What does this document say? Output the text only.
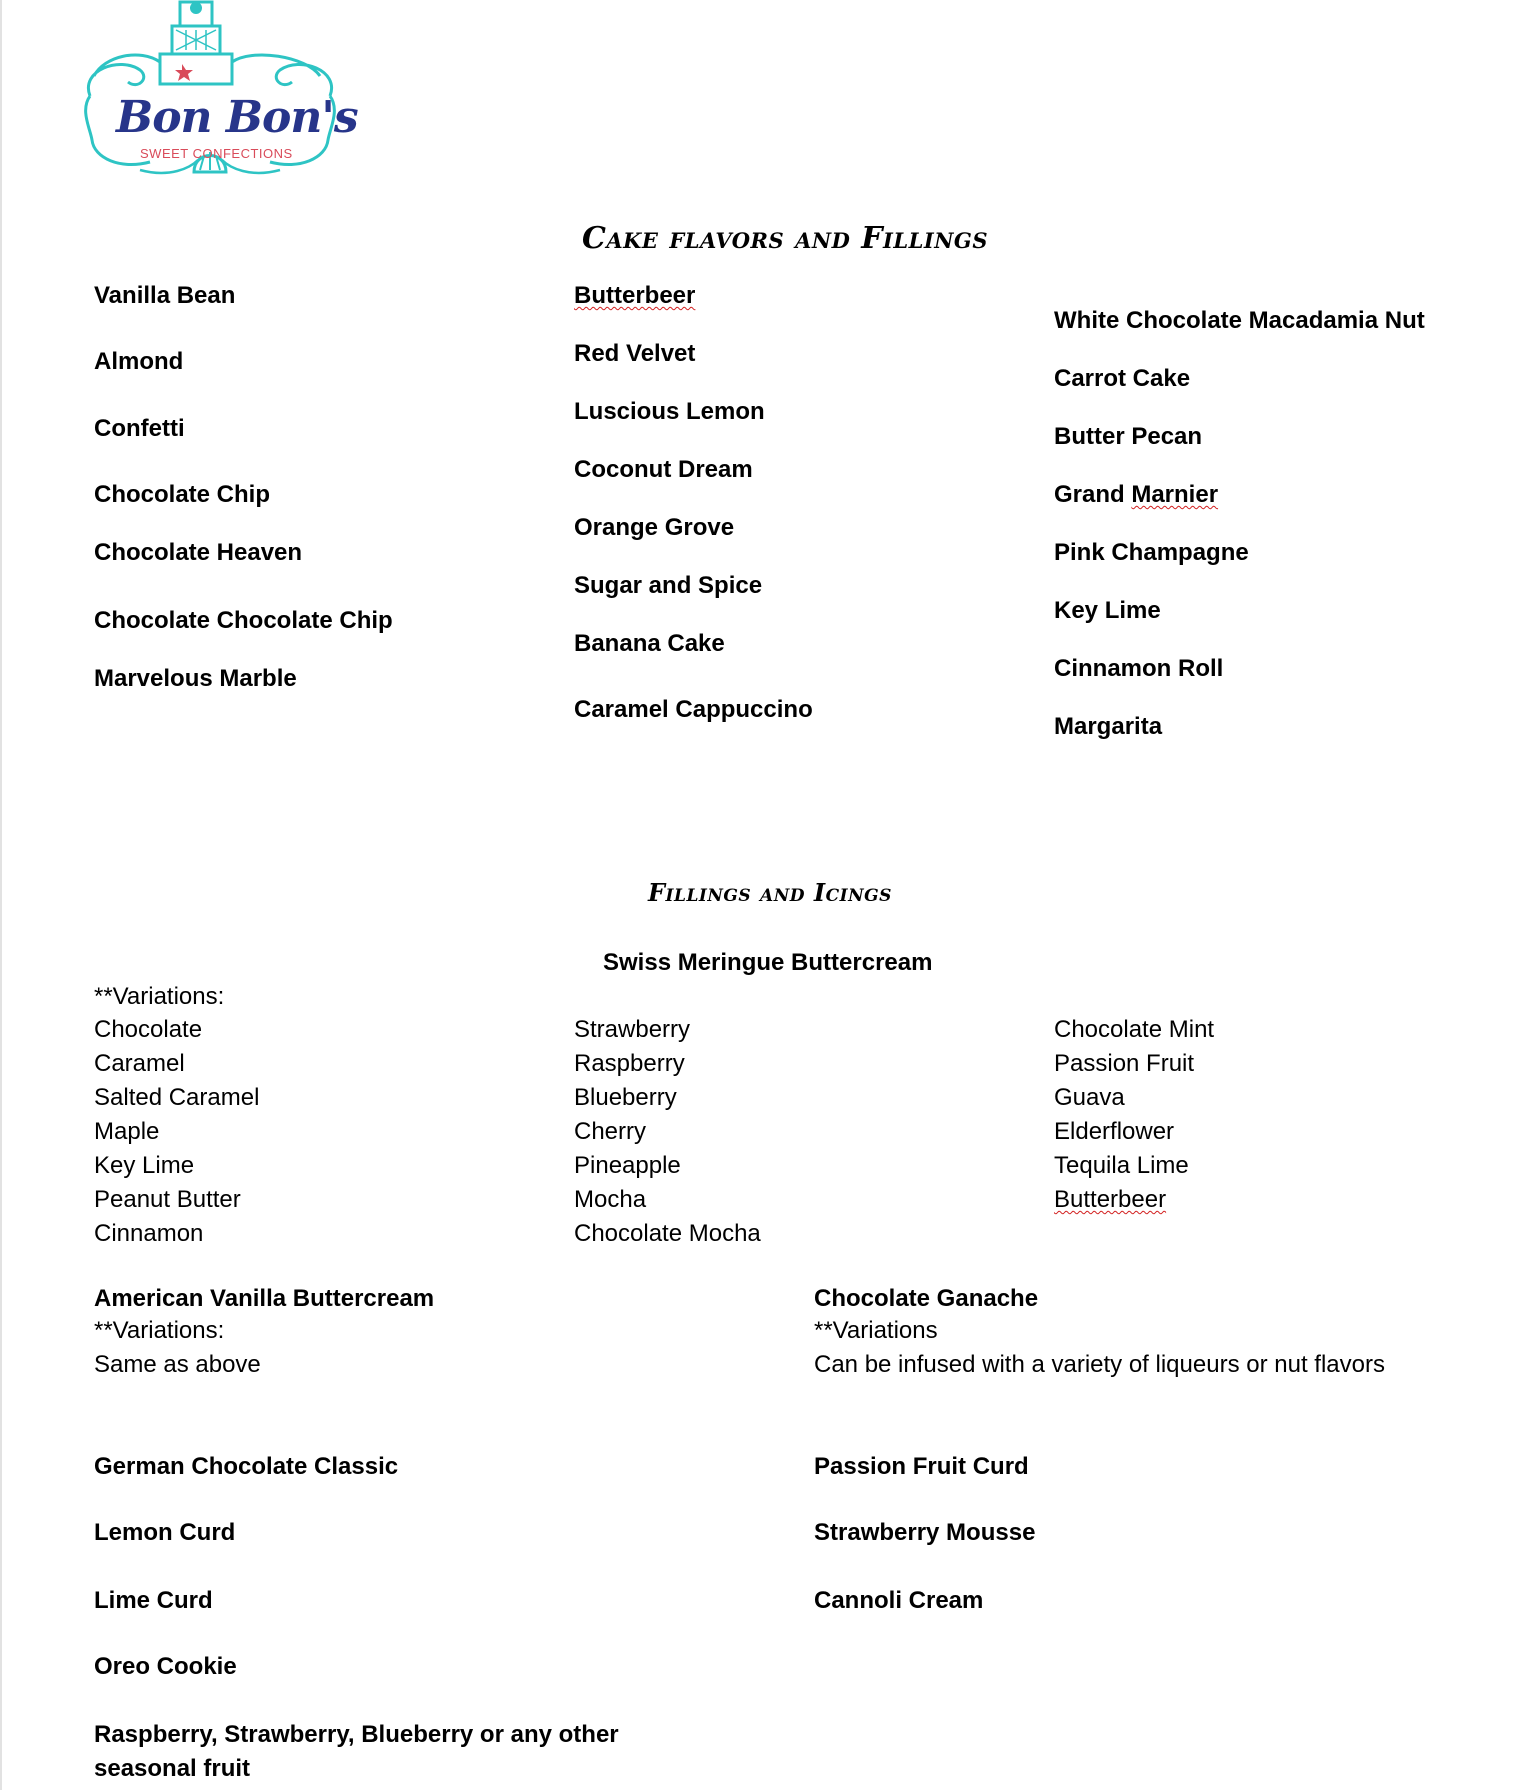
Bon Bon's
SWEET CONFECTIONS
Cake flavors and Fillings
Vanilla Bean
Almond
Confetti
Chocolate Chip
Chocolate Heaven
Chocolate Chocolate Chip
Marvelous Marble
Butterbeer
Red Velvet
Luscious Lemon
Coconut Dream
Orange Grove
Sugar and Spice
Banana Cake
Caramel Cappuccino
White Chocolate Macadamia Nut
Carrot Cake
Butter Pecan
Grand Marnier
Pink Champagne
Key Lime
Cinnamon Roll
Margarita
Fillings and Icings
Swiss Meringue Buttercream
**Variations:
Chocolate
Caramel
Salted Caramel
Maple
Key Lime
Peanut Butter
Cinnamon
Strawberry
Raspberry
Blueberry
Cherry
Pineapple
Mocha
Chocolate Mocha
Chocolate Mint
Passion Fruit
Guava
Elderflower
Tequila Lime
Butterbeer
American Vanilla Buttercream
**Variations:
Same as above
Chocolate Ganache
**Variations
Can be infused with a variety of liqueurs or nut flavors
German Chocolate Classic
Lemon Curd
Lime Curd
Oreo Cookie
Raspberry, Strawberry, Blueberry or any other
seasonal fruit
Passion Fruit Curd
Strawberry Mousse
Cannoli Cream
